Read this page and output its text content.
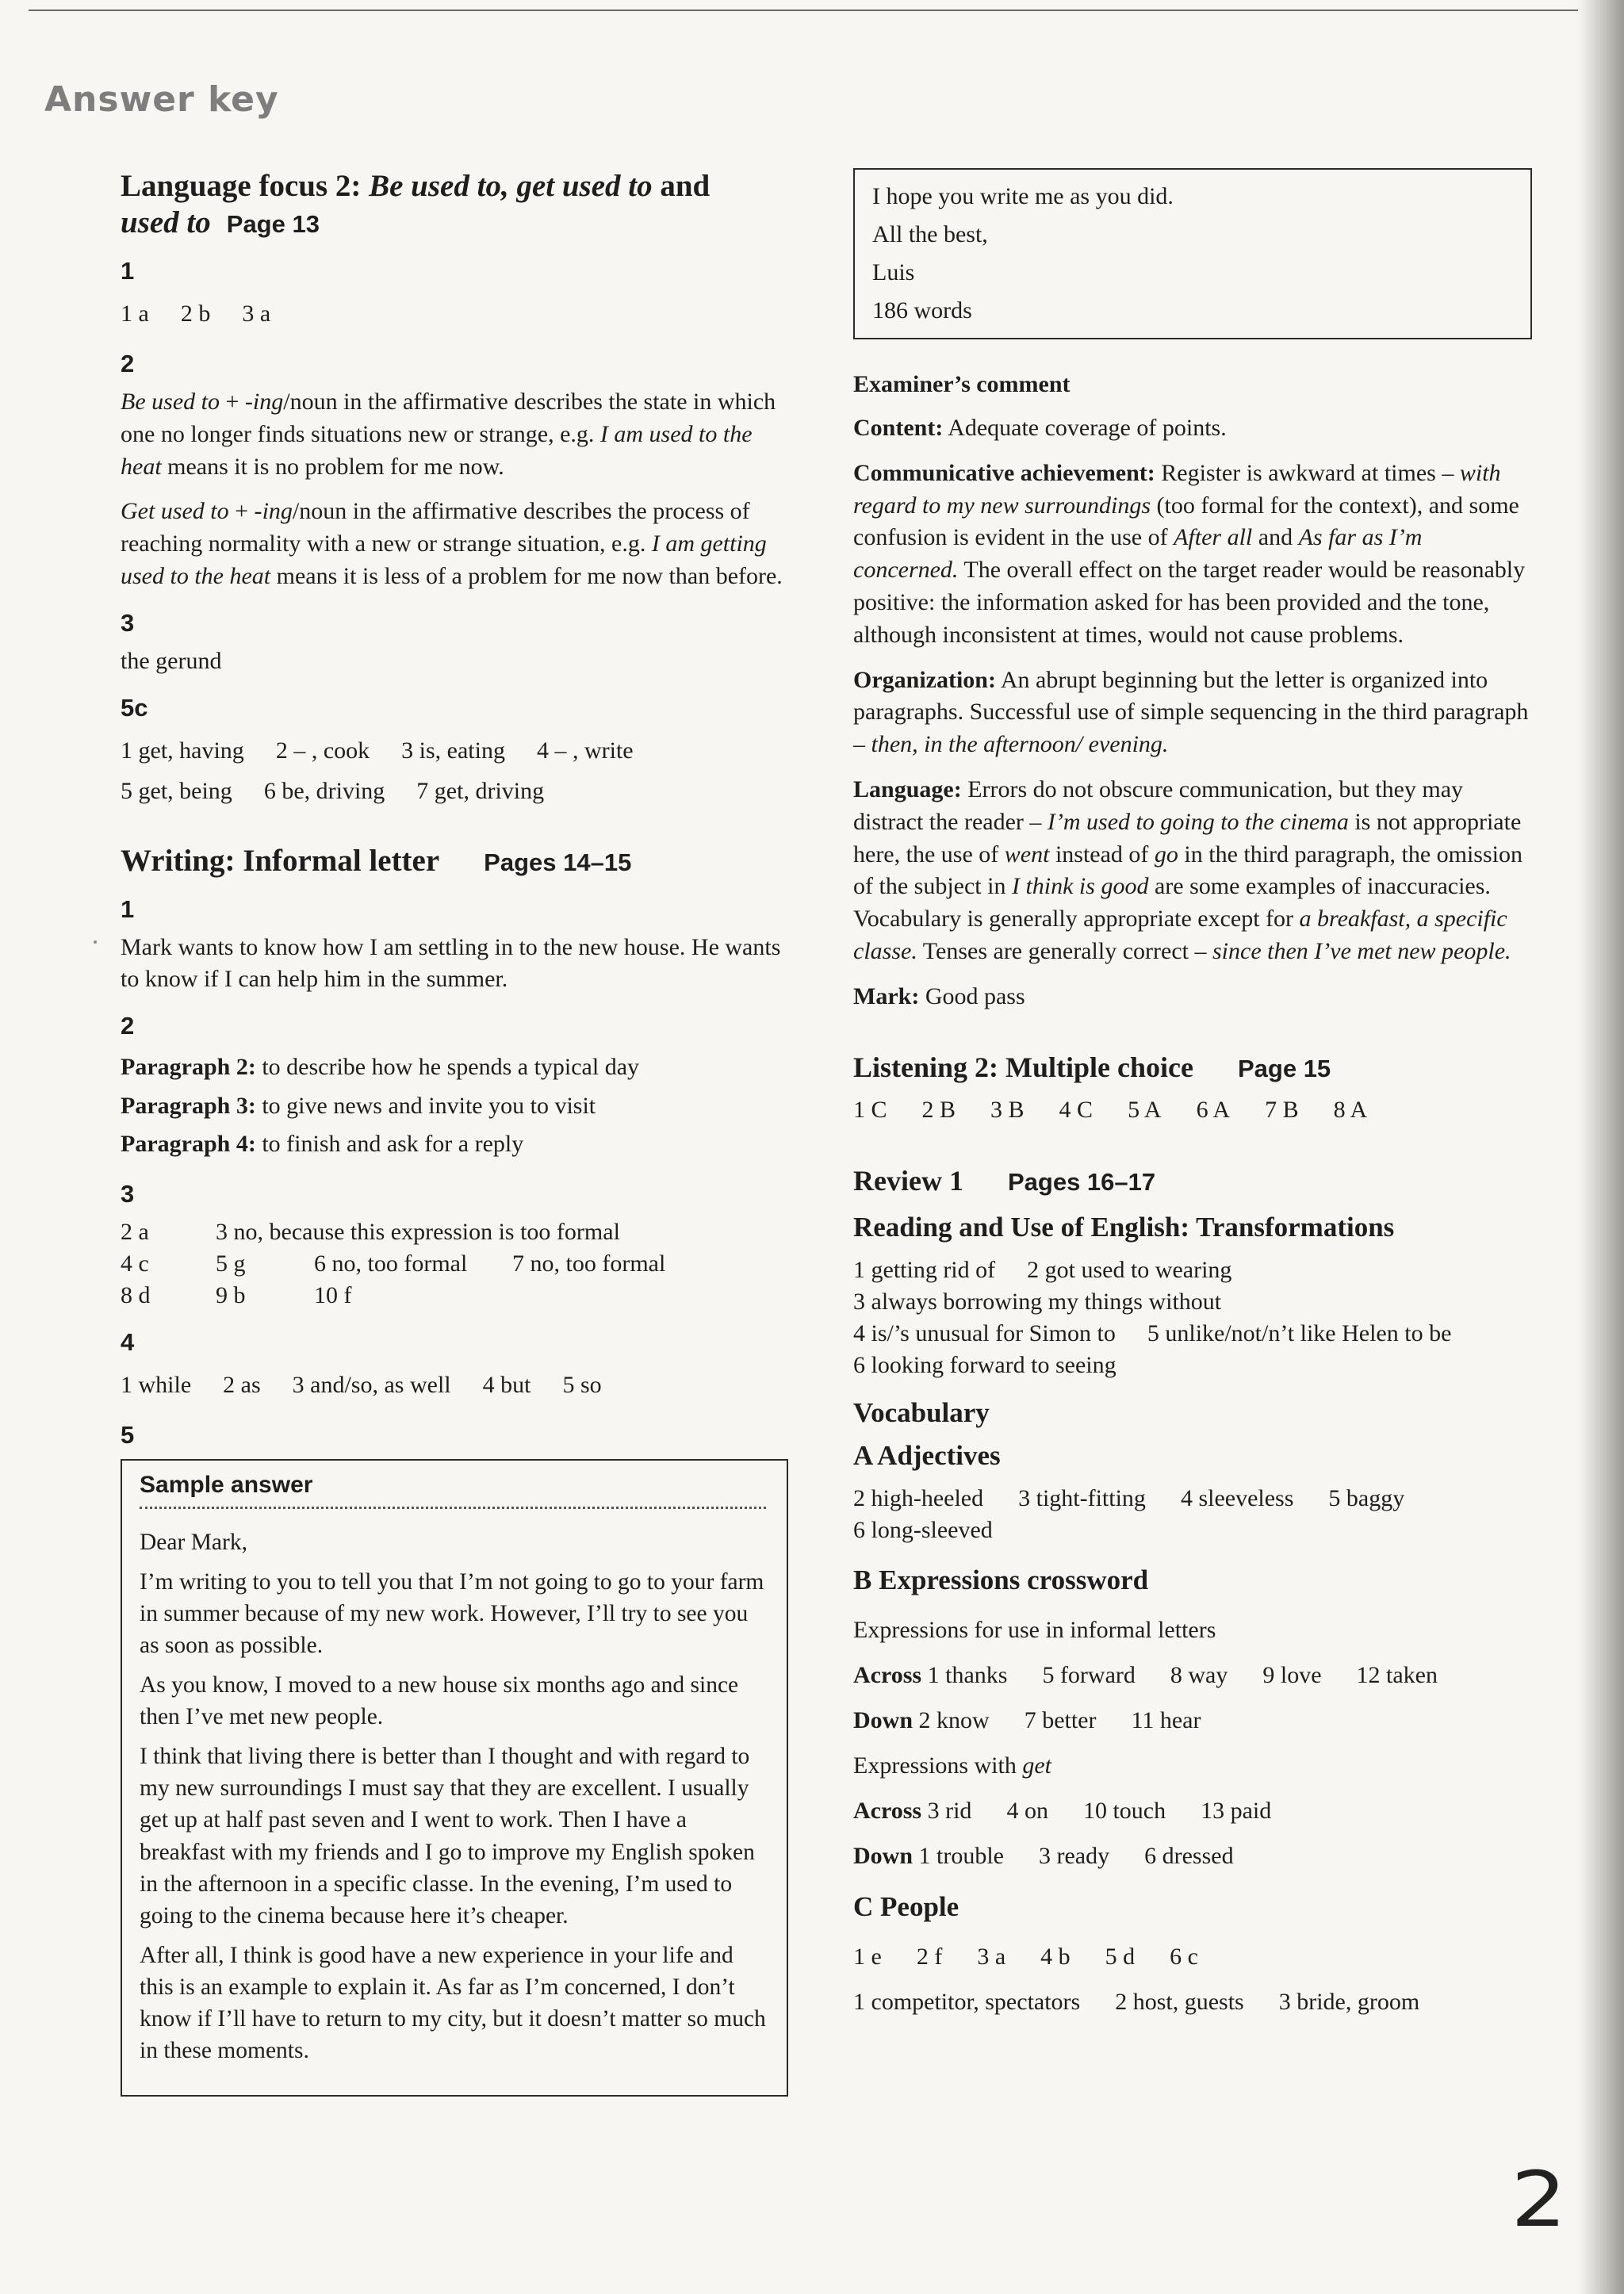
Answer key
Language focus 2: Be used to, get used to and
used to Page 13
1
1 a 2 b 3 a
2

Be used to + -ing/noun in the affirmative describes the state in which one no longer finds situations new or strange, e.g. I am used to the heat means it is no problem for me now.

Get used to + -ing/noun in the affirmative describes the process of reaching normality with a new or strange situation, e.g. I am getting used to the heat means it is less of a problem for me now than before.

3

the gerund

5c
1 get, having 2 – , cook 3 is, eating 4 – , write
5 get, being 6 be, driving 7 get, driving
Writing: Informal letter Pages 14–15
1

Mark wants to know how I am settling in to the new house. He wants to know if I can help him in the summer.

2

Paragraph 2: to describe how he spends a typical day

Paragraph 3: to give news and invite you to visit

Paragraph 4: to finish and ask for a reply

3
2 a	3 no, because this expression is too formal
4 c	5 g	6 no, too formal	7 no, too formal
8 d	9 b	10 f
4
1 while 2 as 3 and/so, as well 4 but 5 so
5
Sample answer

Dear Mark,

I’m writing to you to tell you that I’m not going to go to your farm in summer because of my new work. However, I’ll try to see you as soon as possible.

As you know, I moved to a new house six months ago and since then I’ve met new people.

I think that living there is better than I thought and with regard to my new surroundings I must say that they are excellent. I usually get up at half past seven and I went to work. Then I have a breakfast with my friends and I go to improve my English spoken in the afternoon in a specific classe. In the evening, I’m used to going to the cinema because here it’s cheaper.

After all, I think is good have a new experience in your life and this is an example to explain it. As far as I’m concerned, I don’t know if I’ll have to return to my city, but it doesn’t matter so much in these moments.

I hope you write me as you did.

All the best,

Luis

186 words

Examiner’s comment

Content: Adequate coverage of points.

Communicative achievement: Register is awkward at times – with regard to my new surroundings (too formal for the context), and some confusion is evident in the use of After all and As far as I’m concerned. The overall effect on the target reader would be reasonably positive: the information asked for has been provided and the tone, although inconsistent at times, would not cause problems.

Organization: An abrupt beginning but the letter is organized into paragraphs. Successful use of simple sequencing in the third paragraph – then, in the afternoon/ evening.

Language: Errors do not obscure communication, but they may distract the reader – I’m used to going to the cinema is not appropriate here, the use of went instead of go in the third paragraph, the omission of the subject in I think is good are some examples of inaccuracies. Vocabulary is generally appropriate except for a breakfast, a specific classe. Tenses are generally correct – since then I’ve met new people.

Mark: Good pass

Listening 2: Multiple choice Page 15
1 C 2 B 3 B 4 C 5 A 6 A 7 B 8 A
Review 1 Pages 16–17
Reading and Use of English: Transformations

1 getting rid of 2 got used to wearing

3 always borrowing my things without

4 is/’s unusual for Simon to 5 unlike/not/n’t like Helen to be

6 looking forward to seeing

Vocabulary
A Adjectives

2 high-heeled 3 tight-fitting 4 sleeveless 5 baggy

6 long-sleeved

B Expressions crossword

Expressions for use in informal letters

Across 1 thanks 5 forward 8 way 9 love 12 taken

Down 2 know 7 better 11 hear

Expressions with get

Across 3 rid 4 on 10 touch 13 paid

Down 1 trouble 3 ready 6 dressed

C People

1 e 2 f 3 a 4 b 5 d 6 c

1 competitor, spectators 2 host, guests 3 bride, groom

2
